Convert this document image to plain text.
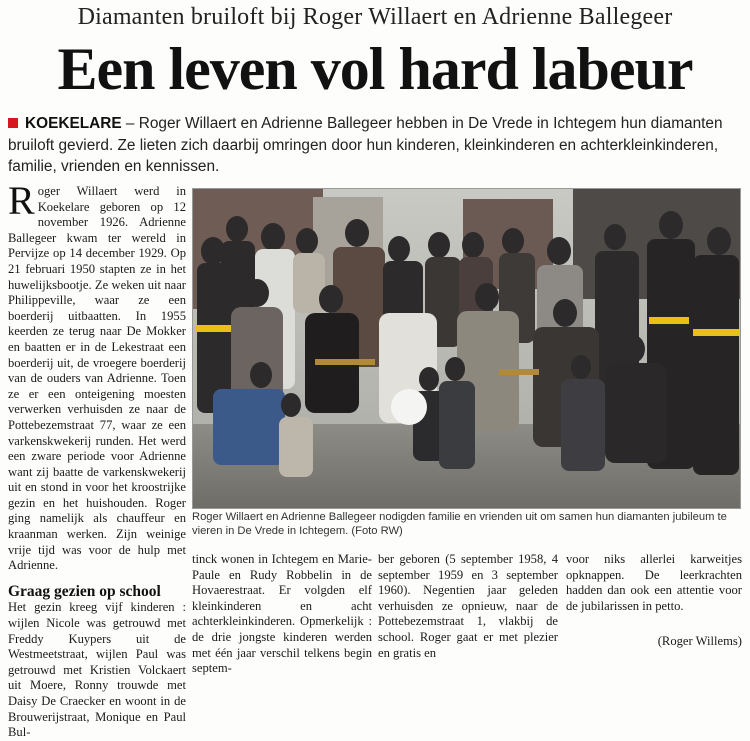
Diamanten bruiloft bij Roger Willaert en Adrienne Ballegeer
Een leven vol hard labeur
KOEKELARE – Roger Willaert en Adrienne Ballegeer hebben in De Vrede in Ichtegem hun diamanten bruiloft gevierd. Ze lieten zich daarbij omringen door hun kinderen, kleinkinderen en achterkleinkinderen, familie, vrienden en kennissen.

Roger Willaert werd in Koekelare geboren op 12 november 1926. Adrienne Ballegeer kwam ter wereld in Pervijze op 14 december 1929. Op 21 februari 1950 stapten ze in het huwelijksbootje. Ze weken uit naar Philippeville, waar ze een boerderij uitbaatten. In 1955 keerden ze terug naar De Mokker en baatten er in de Lekestraat een boerderij uit, de vroegere boerderij van de ouders van Adrienne. Toen ze er een onteigening moesten verwerken verhuisden ze naar de Pottebezemstraat 77, waar ze een varkenskwekerij runden. Het werd een zware periode voor Adrienne want zij baatte de varkenskwekerij uit en stond in voor het kroostrijke gezin en het huishouden. Roger ging namelijk als chauffeur en kraanman werken. Zijn weinige vrije tijd was voor de hulp met Adrienne.

Graag gezien op school

Het gezin kreeg vijf kinderen : wijlen Nicole was getrouwd met Freddy Kuypers uit de Westmeetstraat, wijlen Paul was getrouwd met Kristien Volckaert uit Moere, Ronny trouwde met Daisy De Craecker en woont in de Brouwerijstraat, Monique en Paul Bul-

Roger Willaert en Adrienne Ballegeer nodigden familie en vrienden uit om samen hun diamanten jubileum te vieren in De Vrede in Ichtegem. (Foto RW)

tinck wonen in Ichtegem en Marie-Paule en Rudy Robbelin in de Hovaerestraat. Er volgden elf kleinkinderen en acht achterkleinkinderen. Opmerkelijk : de drie jongste kinderen werden met één jaar verschil telkens begin septem-

ber geboren (5 september 1958, 4 september 1959 en 3 september 1960). Negentien jaar geleden verhuisden ze opnieuw, naar de Pottebezemstraat 1, vlakbij de school. Roger gaat er met plezier en gratis en

voor niks allerlei karweitjes opknappen. De leerkrachten hadden dan ook een attentie voor de jubilarissen in petto.

(Roger Willems)
